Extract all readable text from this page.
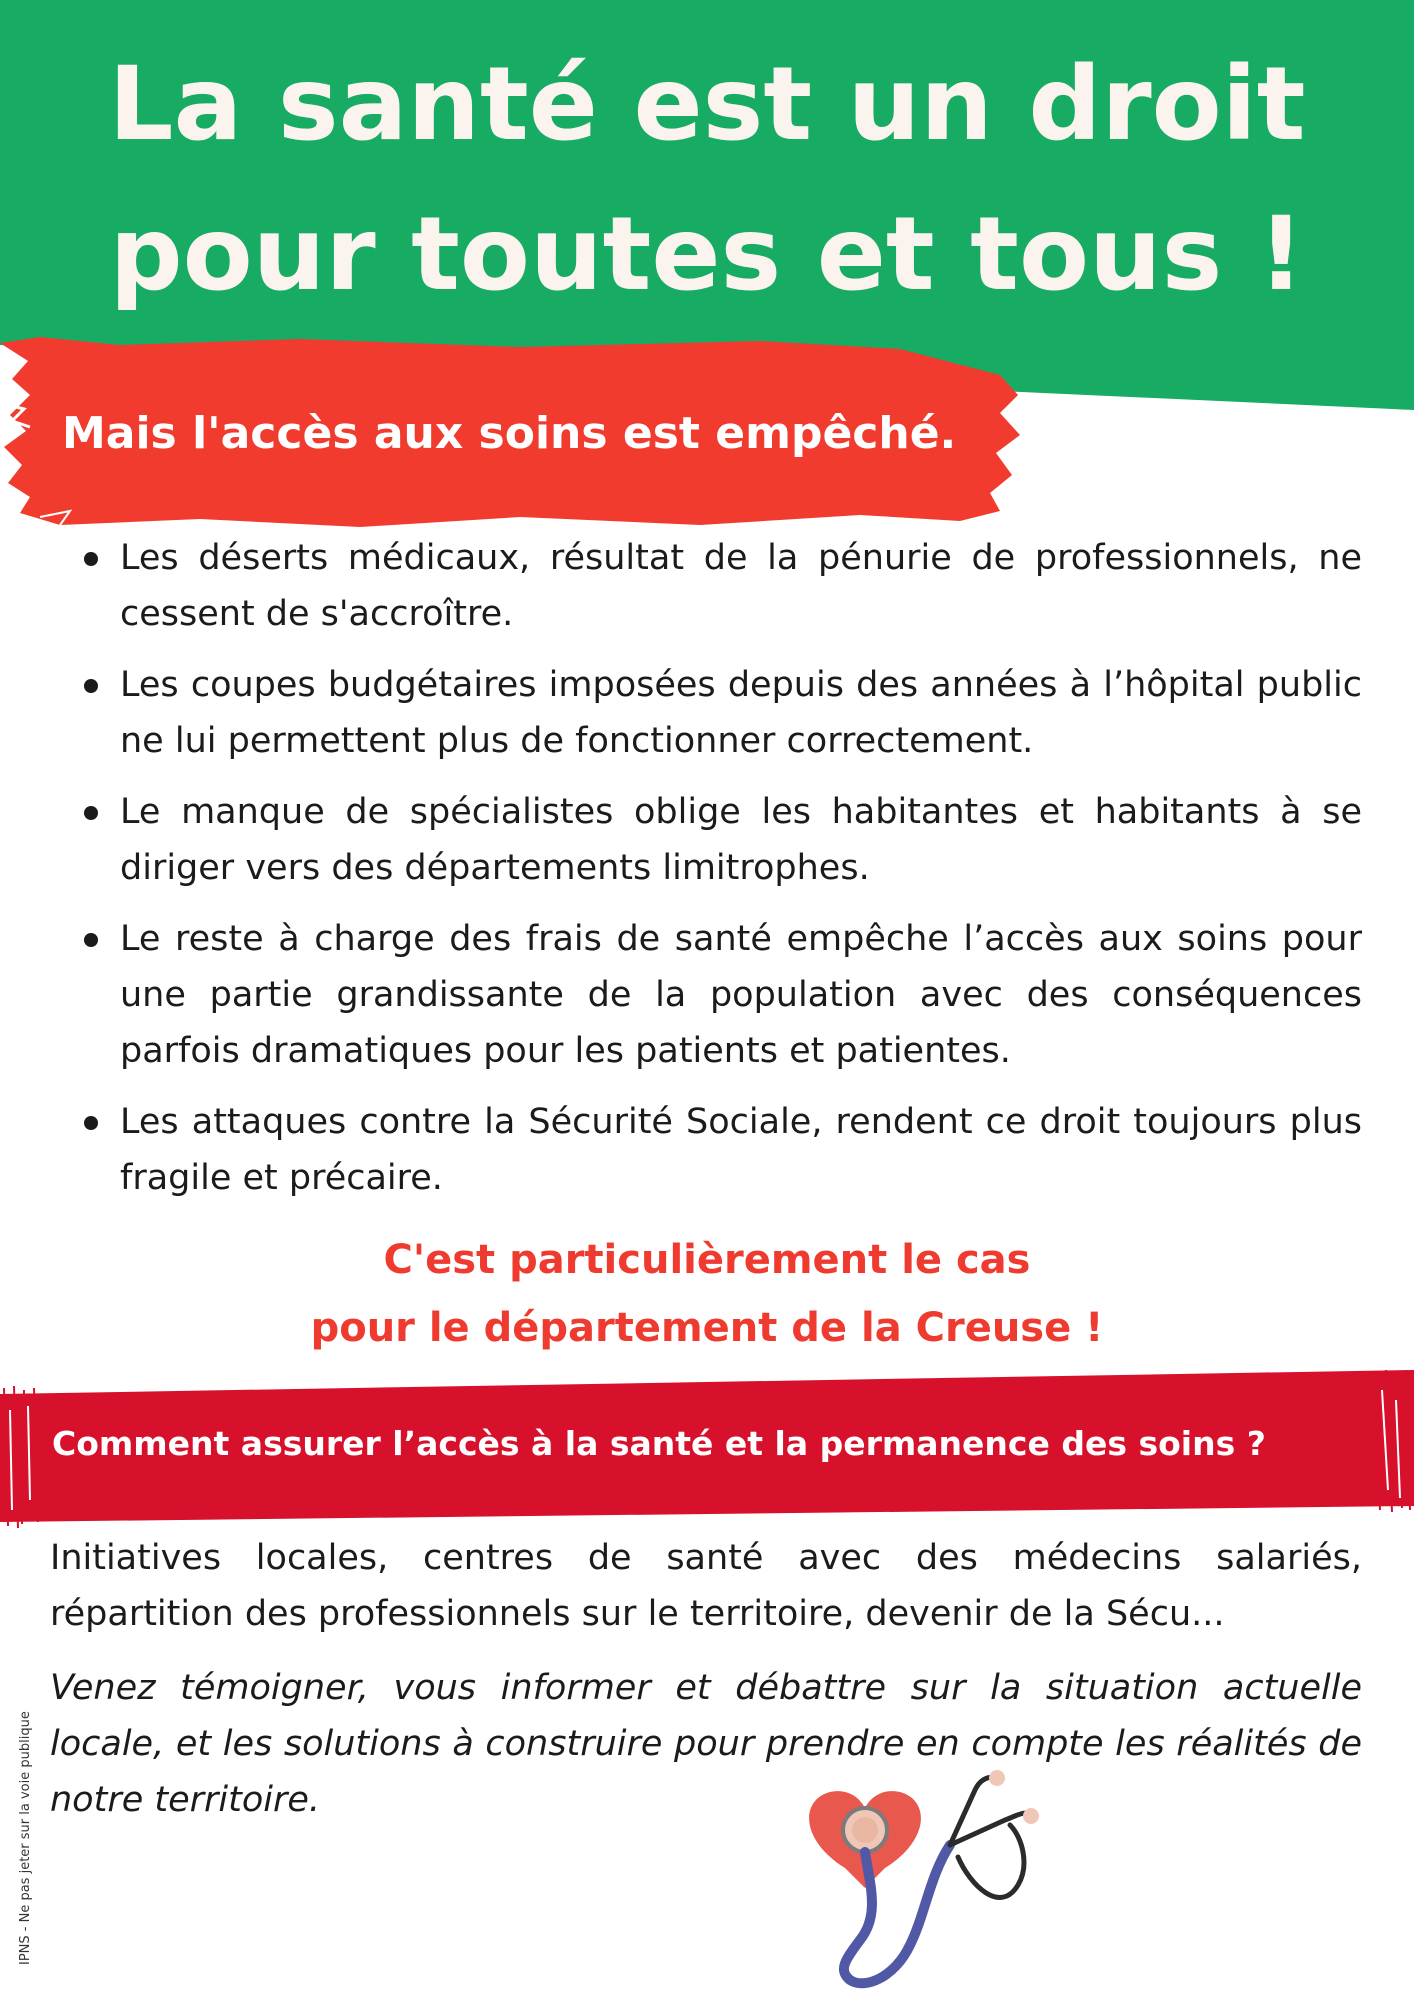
La santé est un droit
pour toutes et tous !
Mais l'accès aux soins est empêché.
Les déserts médicaux, résultat de la pénurie de professionnels, ne cessent de s'accroître.
Les coupes budgétaires imposées depuis des années à l’hôpital public ne lui permettent plus de fonctionner correctement.
Le manque de spécialistes oblige les habitantes et habitants à se diriger vers des départements limitrophes.
Le reste à charge des frais de santé empêche l’accès aux soins pour une partie grandissante de la population avec des conséquences parfois dramatiques pour les patients et patientes.
Les attaques contre la Sécurité Sociale, rendent ce droit toujours plus fragile et précaire.

C'est particulièrement le cas
pour le département de la Creuse !

Comment assurer l’accès à la santé et la permanence des soins ?

Initiatives locales, centres de santé avec des médecins salariés, répartition des professionnels sur le territoire, devenir de la Sécu...

Venez témoigner, vous informer et débattre sur la situation actuelle locale, et les solutions à construire pour prendre en compte les réalités de notre territoire.

IPNS - Ne pas jeter sur la voie publique
